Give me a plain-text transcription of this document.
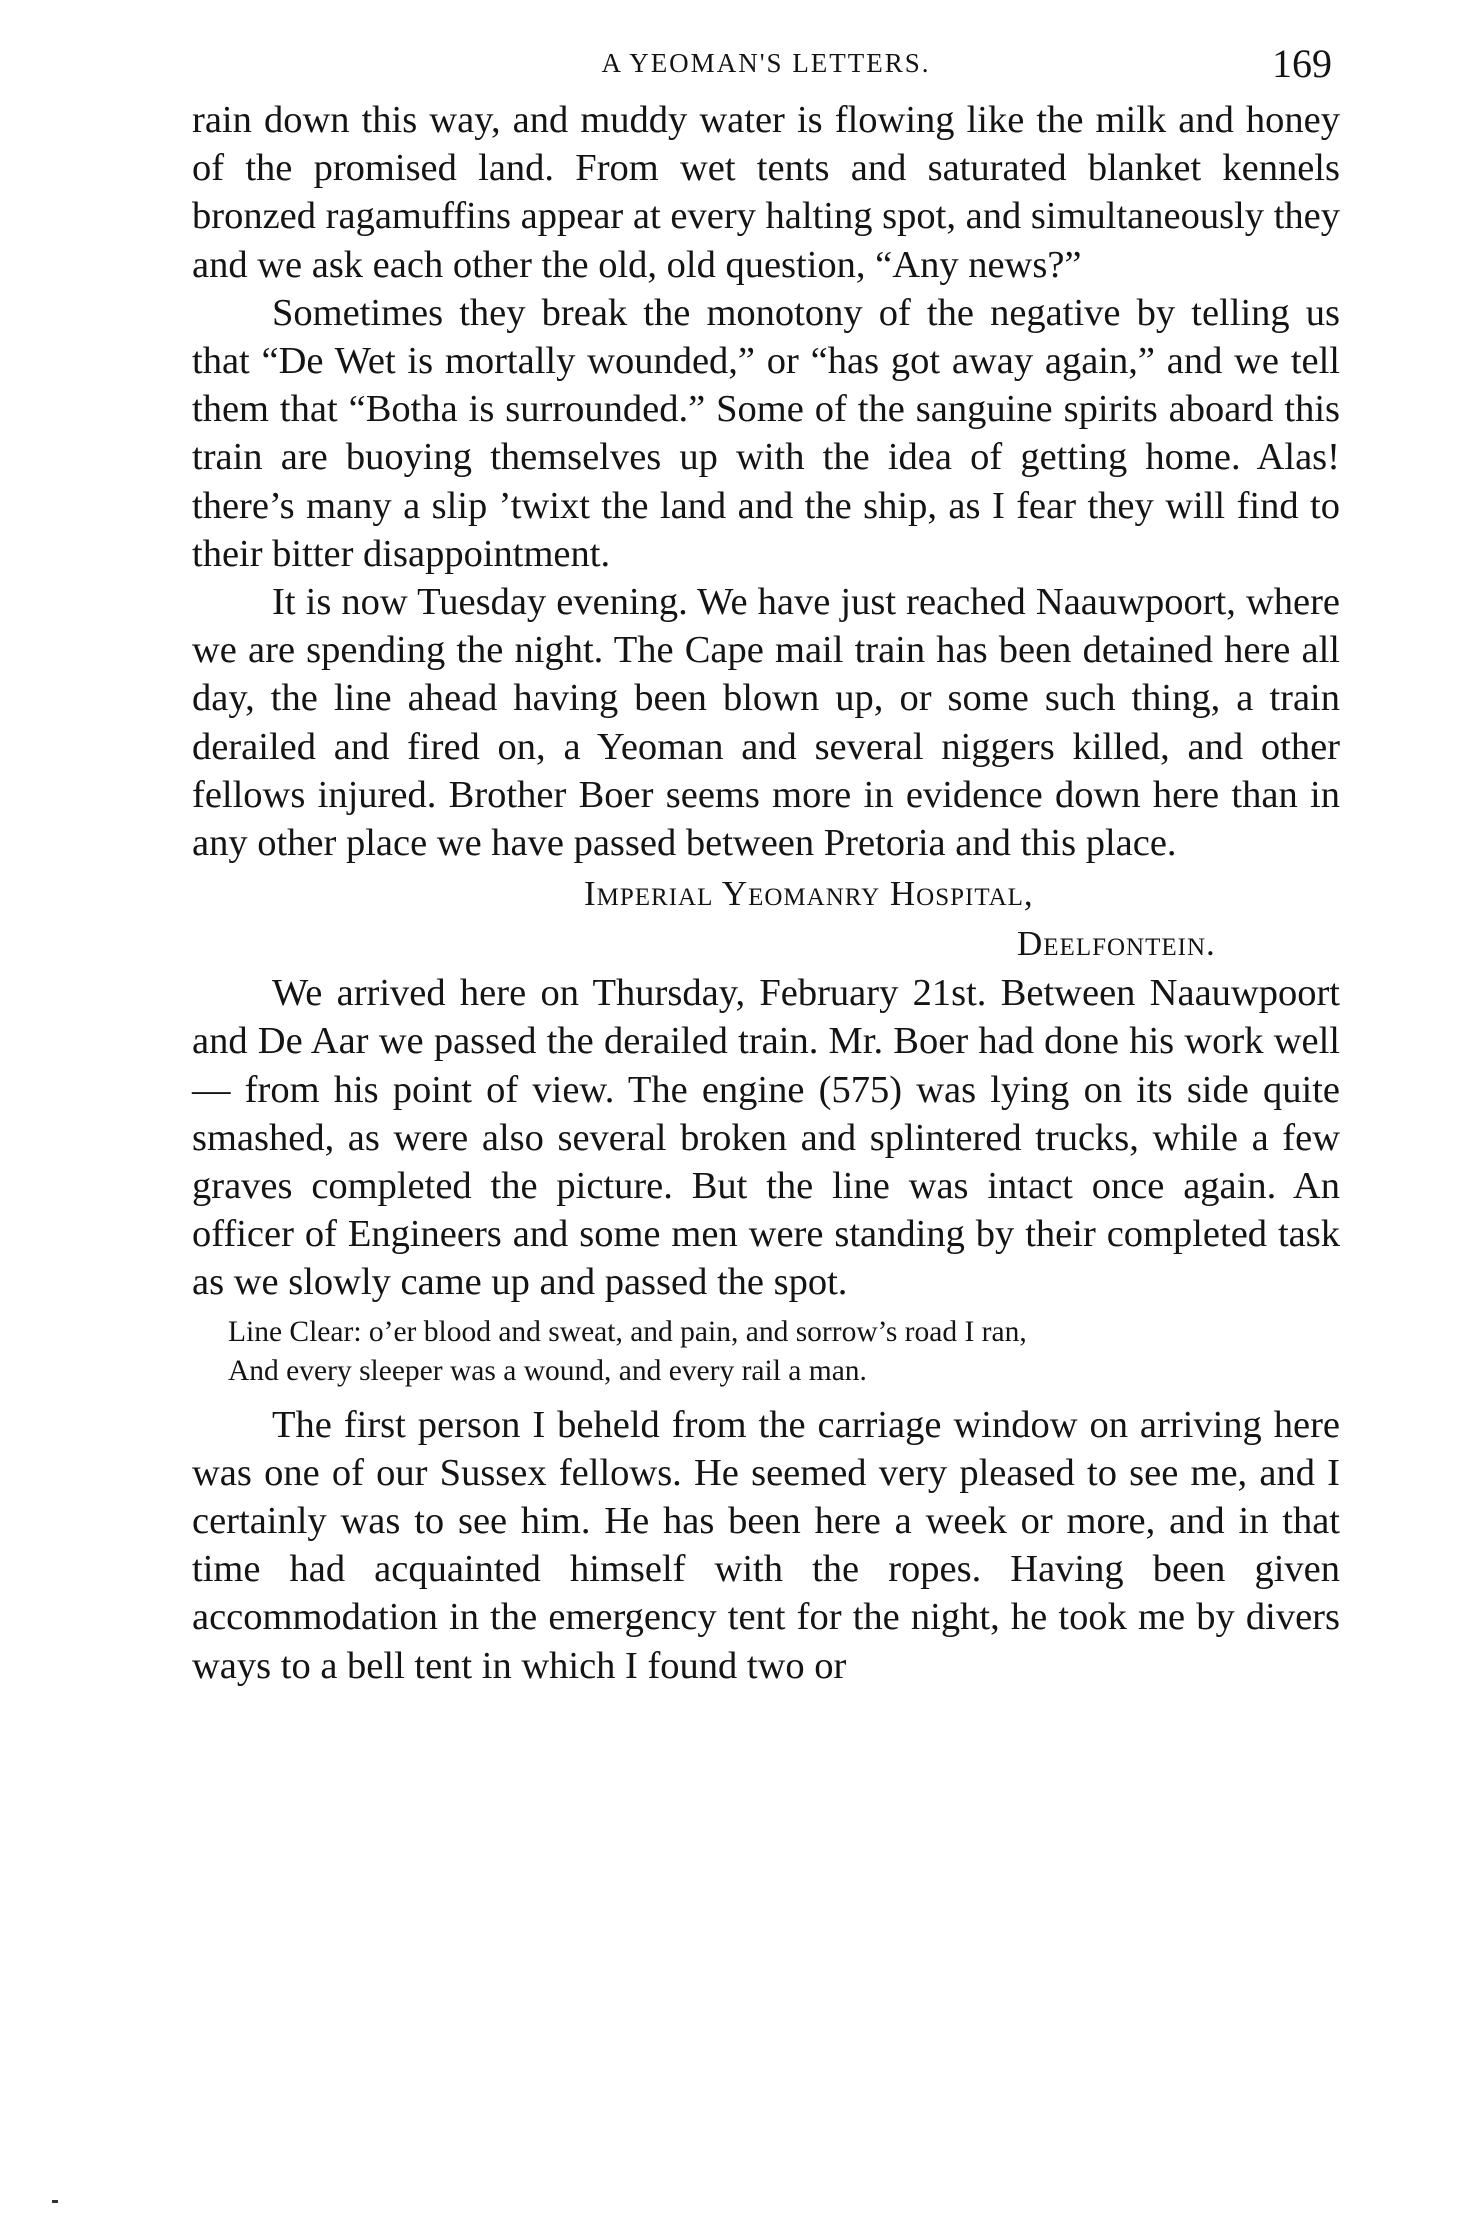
A YEOMAN'S LETTERS.	169

rain down this way, and muddy water is flowing like the milk and honey of the promised land. From wet tents and saturated blanket kennels bronzed ragamuffins appear at every halting spot, and simultaneously they and we ask each other the old, old question, “Any news?”

Sometimes they break the monotony of the negative by telling us that “De Wet is mortally wounded,” or “has got away again,” and we tell them that “Botha is surrounded.” Some of the sanguine spirits aboard this train are buoying themselves up with the idea of getting home. Alas! there’s many a slip ’twixt the land and the ship, as I fear they will find to their bitter disappointment.

It is now Tuesday evening. We have just reached Naauwpoort, where we are spending the night. The Cape mail train has been detained here all day, the line ahead having been blown up, or some such thing, a train derailed and fired on, a Yeoman and several niggers killed, and other fellows injured. Brother Boer seems more in evidence down here than in any other place we have passed between Pretoria and this place.

Imperial Yeomanry Hospital,

Deelfontein.

We arrived here on Thursday, February 21st. Between Naauwpoort and De Aar we passed the derailed train. Mr. Boer had done his work well — from his point of view. The engine (575) was lying on its side quite smashed, as were also several broken and splintered trucks, while a few graves completed the picture. But the line was intact once again. An officer of Engineers and some men were standing by their completed task as we slowly came up and passed the spot.

Line Clear: o’er blood and sweat, and pain, and sorrow’s road I ran,
And every sleeper was a wound, and every rail a man.

The first person I beheld from the carriage window on arriving here was one of our Sussex fellows. He seemed very pleased to see me, and I certainly was to see him. He has been here a week or more, and in that time had acquainted himself with the ropes. Having been given accommodation in the emergency tent for the night, he took me by divers ways to a bell tent in which I found two or
